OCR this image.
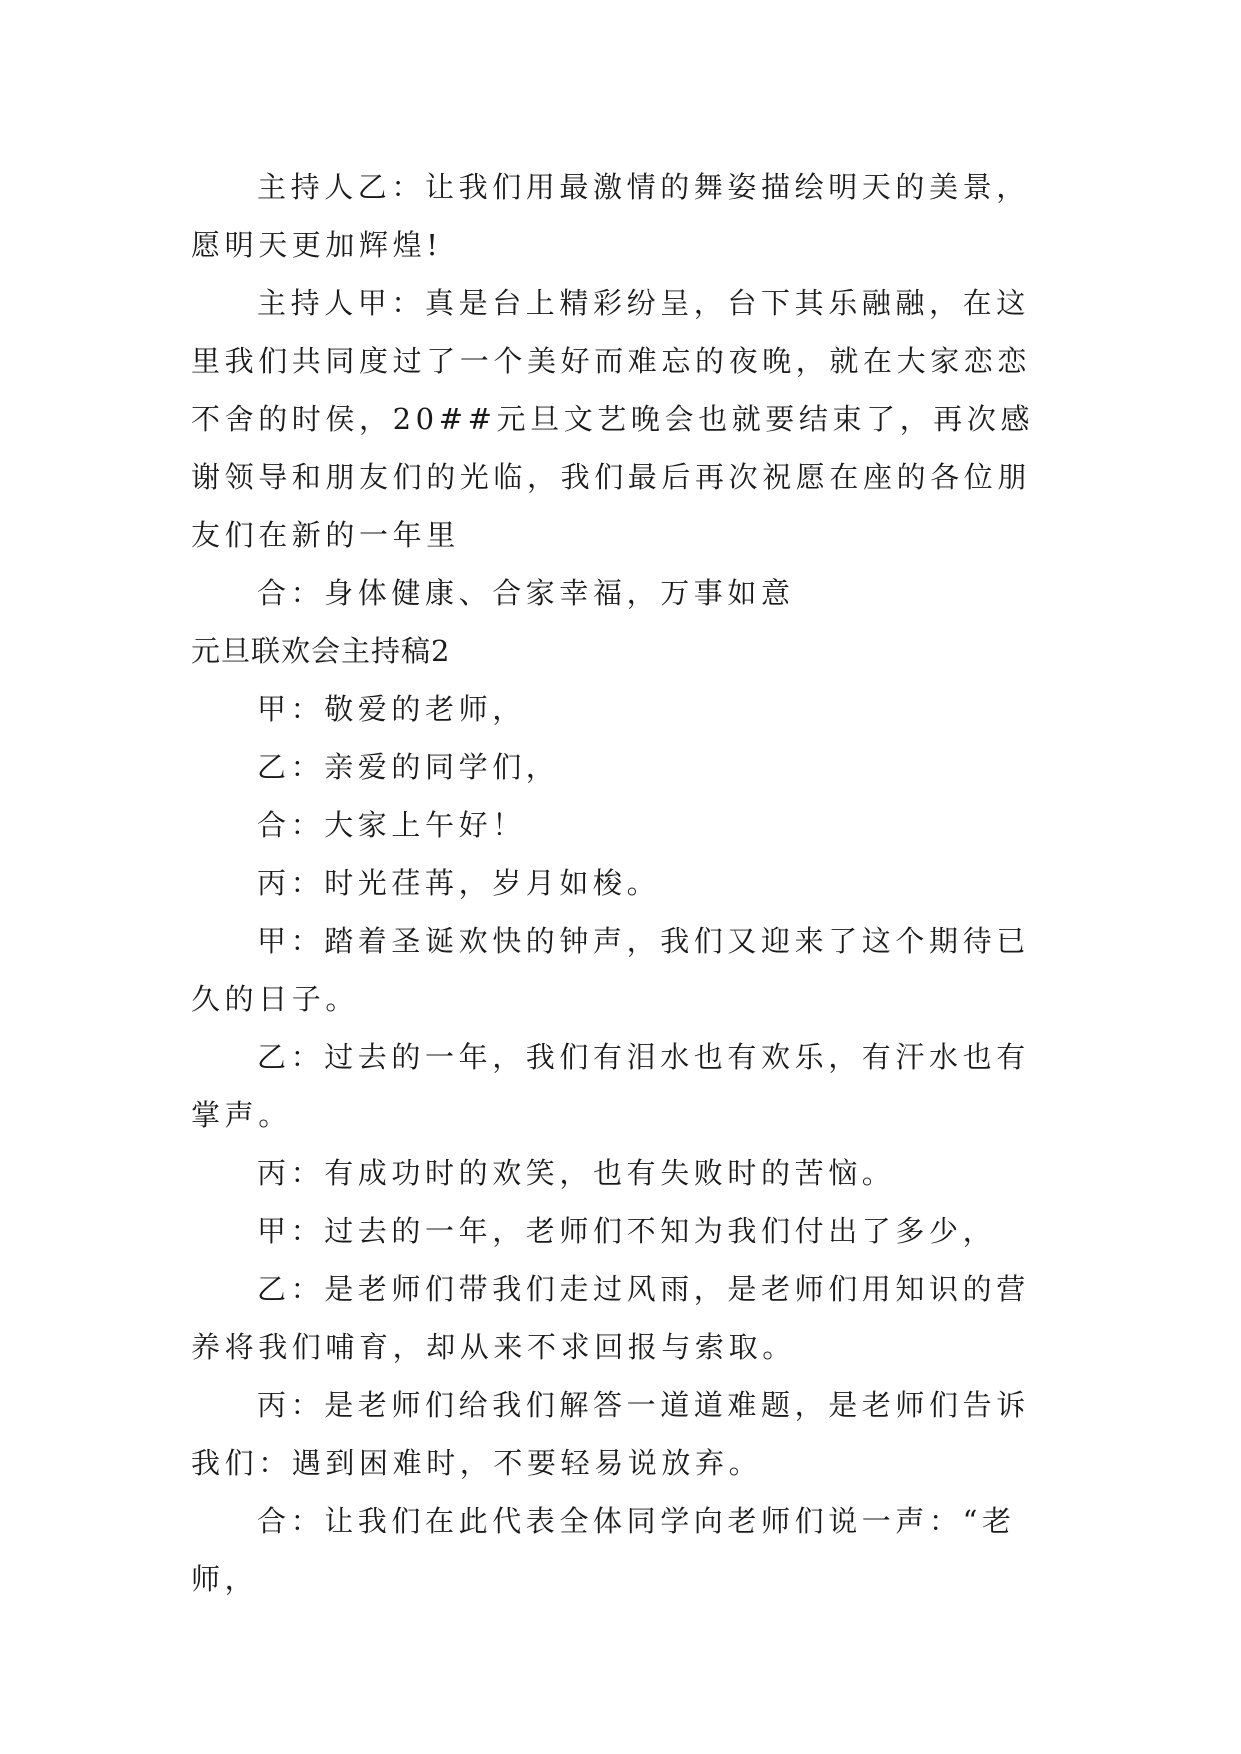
主持人乙：让我们用最激情的舞姿描绘明天的美景，愿明天更加辉煌!

主持人甲：真是台上精彩纷呈，台下其乐融融，在这里我们共同度过了一个美好而难忘的夜晚，就在大家恋恋不舍的时侯，20##元旦文艺晚会也就要结束了，再次感谢领导和朋友们的光临，我们最后再次祝愿在座的各位朋友们在新的一年里

合：身体健康、合家幸福，万事如意

元旦联欢会主持稿2

甲：敬爱的老师，

乙：亲爱的同学们，

合：大家上午好！

丙：时光荏苒，岁月如梭。

甲：踏着圣诞欢快的钟声，我们又迎来了这个期待已久的日子。

乙：过去的一年，我们有泪水也有欢乐，有汗水也有掌声。

丙：有成功时的欢笑，也有失败时的苦恼。

甲：过去的一年，老师们不知为我们付出了多少，

乙：是老师们带我们走过风雨，是老师们用知识的营养将我们哺育，却从来不求回报与索取。

丙：是老师们给我们解答一道道难题，是老师们告诉我们：遇到困难时，不要轻易说放弃。

合：让我们在此代表全体同学向老师们说一声：“老师，
